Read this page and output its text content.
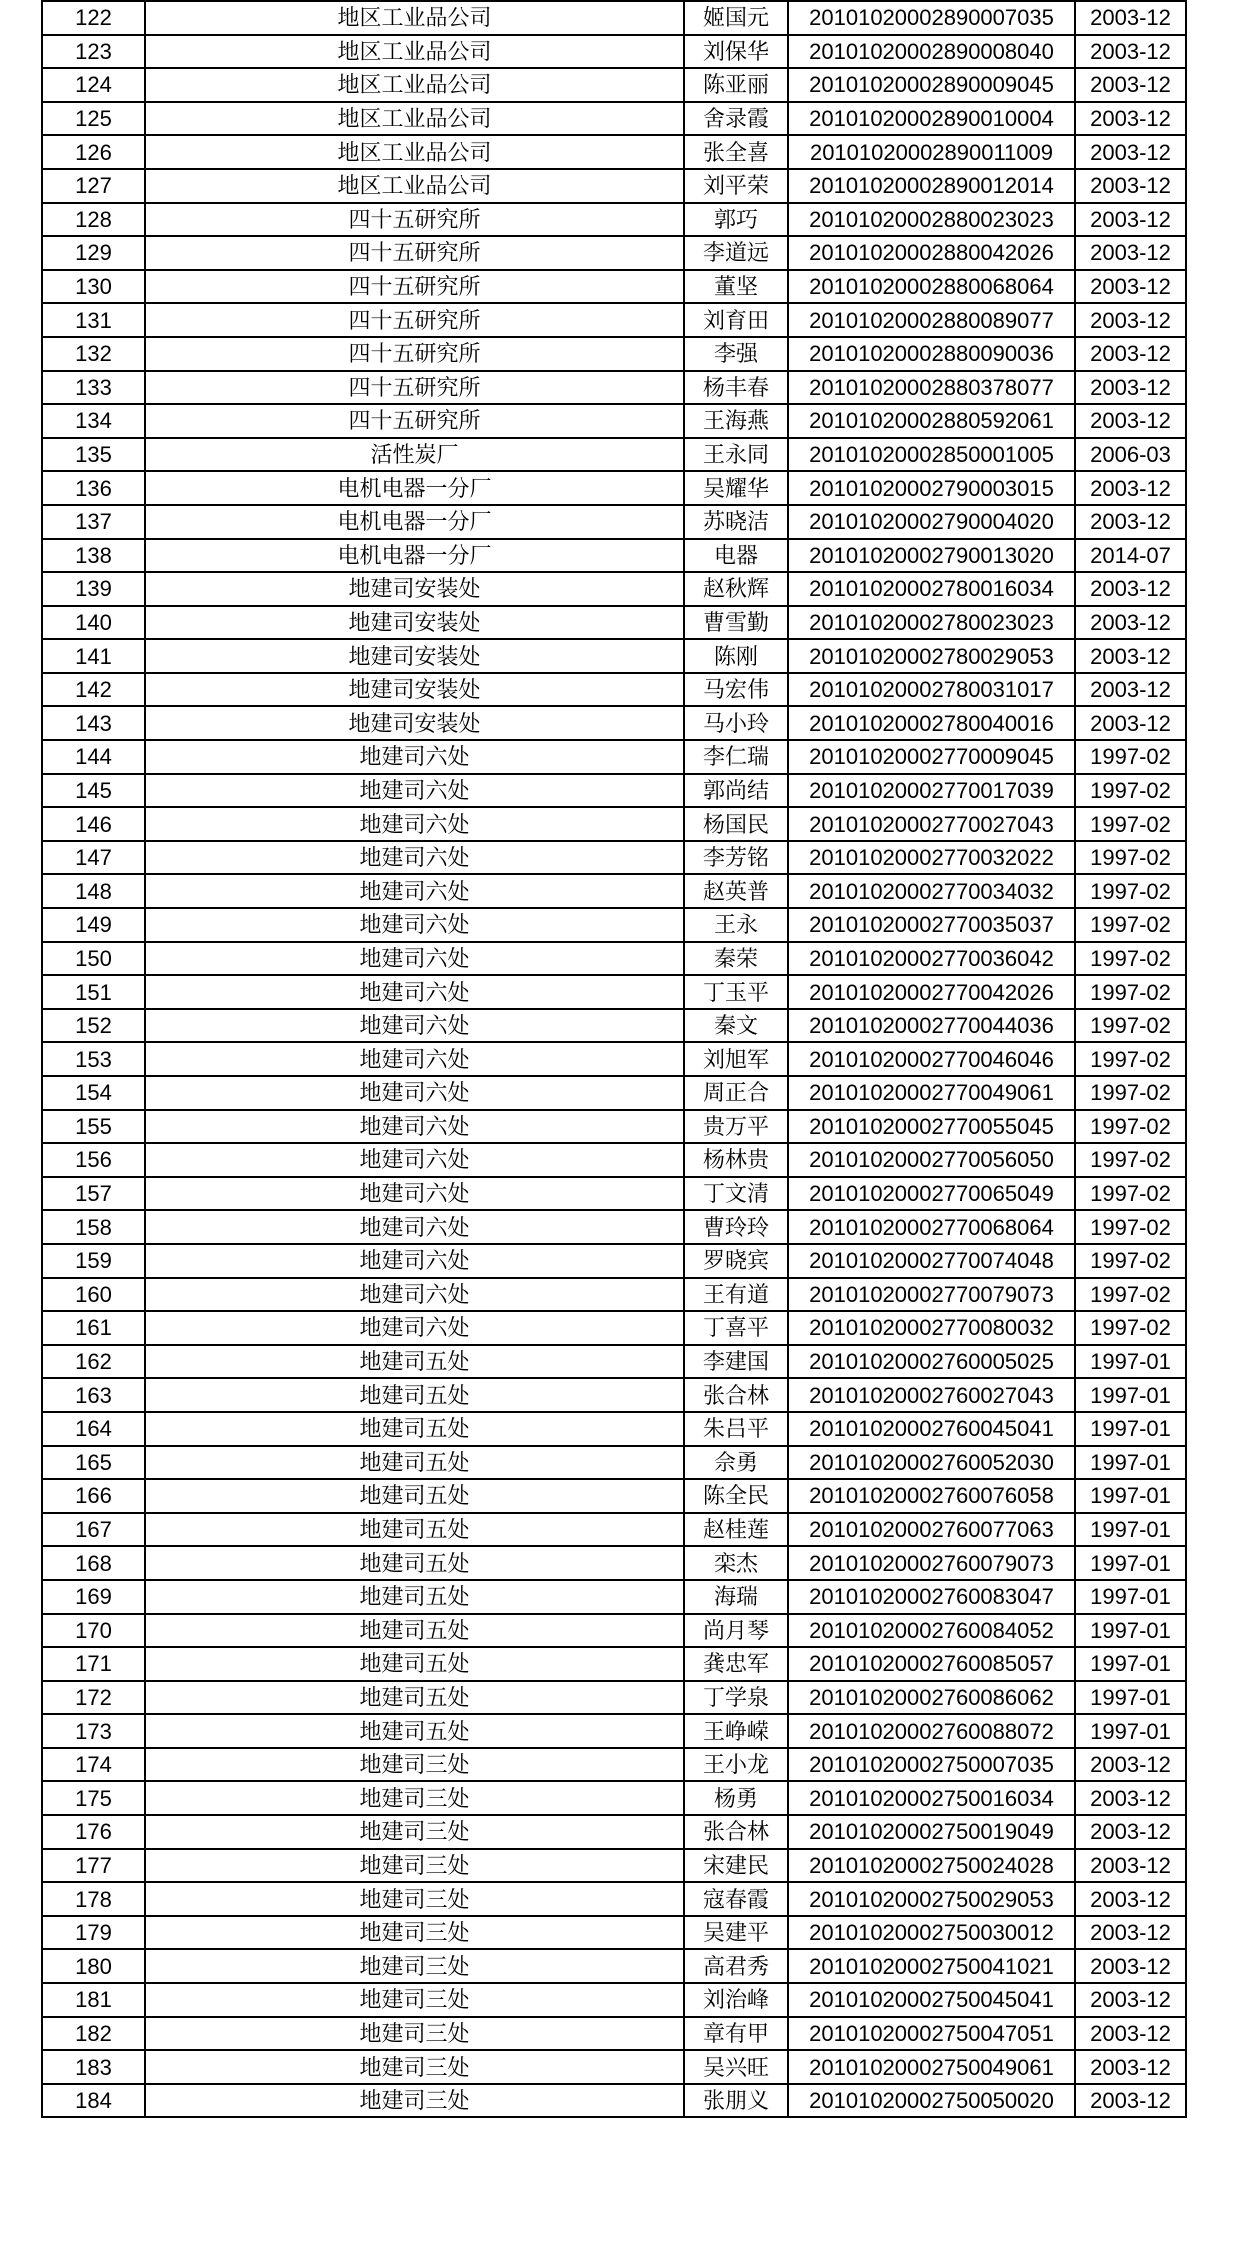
122	地区工业品公司	姬国元	20101020002890007035	2003-12
123	地区工业品公司	刘保华	20101020002890008040	2003-12
124	地区工业品公司	陈亚丽	20101020002890009045	2003-12
125	地区工业品公司	舍录霞	20101020002890010004	2003-12
126	地区工业品公司	张全喜	20101020002890011009	2003-12
127	地区工业品公司	刘平荣	20101020002890012014	2003-12
128	四十五研究所	郭巧	20101020002880023023	2003-12
129	四十五研究所	李道远	20101020002880042026	2003-12
130	四十五研究所	董坚	20101020002880068064	2003-12
131	四十五研究所	刘育田	20101020002880089077	2003-12
132	四十五研究所	李强	20101020002880090036	2003-12
133	四十五研究所	杨丰春	20101020002880378077	2003-12
134	四十五研究所	王海燕	20101020002880592061	2003-12
135	活性炭厂	王永同	20101020002850001005	2006-03
136	电机电器一分厂	吴耀华	20101020002790003015	2003-12
137	电机电器一分厂	苏晓洁	20101020002790004020	2003-12
138	电机电器一分厂	电器	20101020002790013020	2014-07
139	地建司安装处	赵秋辉	20101020002780016034	2003-12
140	地建司安装处	曹雪勤	20101020002780023023	2003-12
141	地建司安装处	陈刚	20101020002780029053	2003-12
142	地建司安装处	马宏伟	20101020002780031017	2003-12
143	地建司安装处	马小玲	20101020002780040016	2003-12
144	地建司六处	李仁瑞	20101020002770009045	1997-02
145	地建司六处	郭尚结	20101020002770017039	1997-02
146	地建司六处	杨国民	20101020002770027043	1997-02
147	地建司六处	李芳铭	20101020002770032022	1997-02
148	地建司六处	赵英普	20101020002770034032	1997-02
149	地建司六处	王永	20101020002770035037	1997-02
150	地建司六处	秦荣	20101020002770036042	1997-02
151	地建司六处	丁玉平	20101020002770042026	1997-02
152	地建司六处	秦文	20101020002770044036	1997-02
153	地建司六处	刘旭军	20101020002770046046	1997-02
154	地建司六处	周正合	20101020002770049061	1997-02
155	地建司六处	贵万平	20101020002770055045	1997-02
156	地建司六处	杨林贵	20101020002770056050	1997-02
157	地建司六处	丁文清	20101020002770065049	1997-02
158	地建司六处	曹玲玲	20101020002770068064	1997-02
159	地建司六处	罗晓宾	20101020002770074048	1997-02
160	地建司六处	王有道	20101020002770079073	1997-02
161	地建司六处	丁喜平	20101020002770080032	1997-02
162	地建司五处	李建国	20101020002760005025	1997-01
163	地建司五处	张合林	20101020002760027043	1997-01
164	地建司五处	朱吕平	20101020002760045041	1997-01
165	地建司五处	佘勇	20101020002760052030	1997-01
166	地建司五处	陈全民	20101020002760076058	1997-01
167	地建司五处	赵桂莲	20101020002760077063	1997-01
168	地建司五处	栾杰	20101020002760079073	1997-01
169	地建司五处	海瑞	20101020002760083047	1997-01
170	地建司五处	尚月琴	20101020002760084052	1997-01
171	地建司五处	龚忠军	20101020002760085057	1997-01
172	地建司五处	丁学泉	20101020002760086062	1997-01
173	地建司五处	王峥嵘	20101020002760088072	1997-01
174	地建司三处	王小龙	20101020002750007035	2003-12
175	地建司三处	杨勇	20101020002750016034	2003-12
176	地建司三处	张合林	20101020002750019049	2003-12
177	地建司三处	宋建民	20101020002750024028	2003-12
178	地建司三处	寇春霞	20101020002750029053	2003-12
179	地建司三处	吴建平	20101020002750030012	2003-12
180	地建司三处	高君秀	20101020002750041021	2003-12
181	地建司三处	刘治峰	20101020002750045041	2003-12
182	地建司三处	章有甲	20101020002750047051	2003-12
183	地建司三处	吴兴旺	20101020002750049061	2003-12
184	地建司三处	张朋义	20101020002750050020	2003-12
